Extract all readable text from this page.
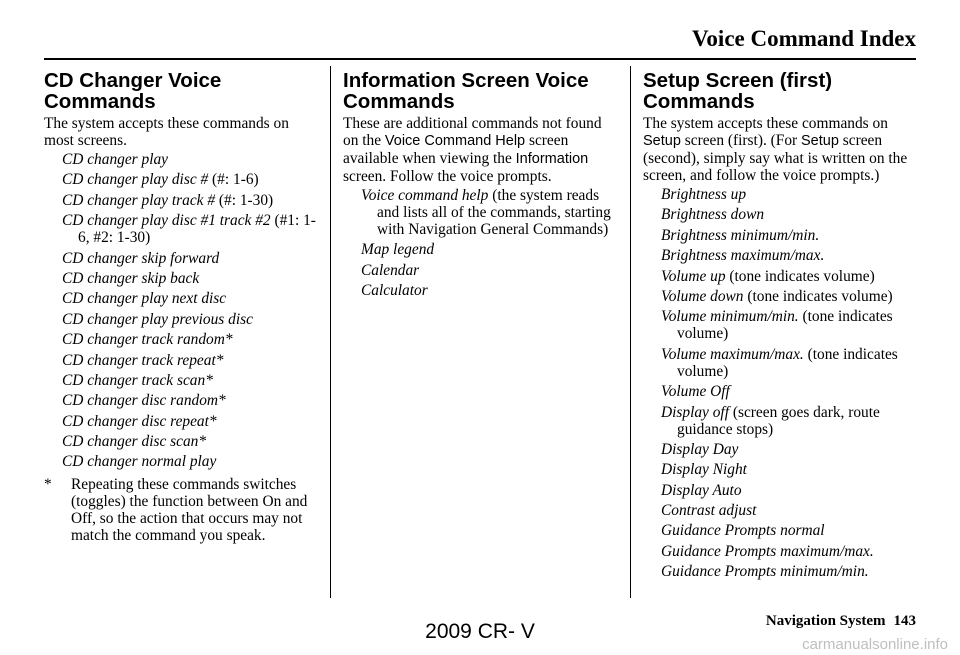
Voice Command Index
CD Changer Voice Commands

The system accepts these commands on most screens.

CD changer play
CD changer play disc # (#: 1-6)
CD changer play track # (#: 1-30)
CD changer play disc #1 track #2 (#1: 1-6, #2: 1-30)
CD changer skip forward
CD changer skip back
CD changer play next disc
CD changer play previous disc
CD changer track random*
CD changer track repeat*
CD changer track scan*
CD changer disc random*
CD changer disc repeat*
CD changer disc scan*
CD changer normal play

* Repeating these commands switches (toggles) the function between On and Off, so the action that occurs may not match the command you speak.

Information Screen Voice Commands

These are additional commands not found on the Voice Command Help screen available when viewing the Information screen. Follow the voice prompts.

Voice command help (the system reads and lists all of the commands, starting with Navigation General Commands)
Map legend
Calendar
Calculator
Setup Screen (first) Commands

The system accepts these commands on Setup screen (first). (For Setup screen (second), simply say what is written on the screen, and follow the voice prompts.)

Brightness up
Brightness down
Brightness minimum/min.
Brightness maximum/max.
Volume up (tone indicates volume)
Volume down (tone indicates volume)
Volume minimum/min. (tone indicates volume)
Volume maximum/max. (tone indicates volume)
Volume Off
Display off (screen goes dark, route guidance stops)
Display Day
Display Night
Display Auto
Contrast adjust
Guidance Prompts normal
Guidance Prompts maximum/max.
Guidance Prompts minimum/min.
Navigation System 143
2009 CR- V
carmanualsonline.info
